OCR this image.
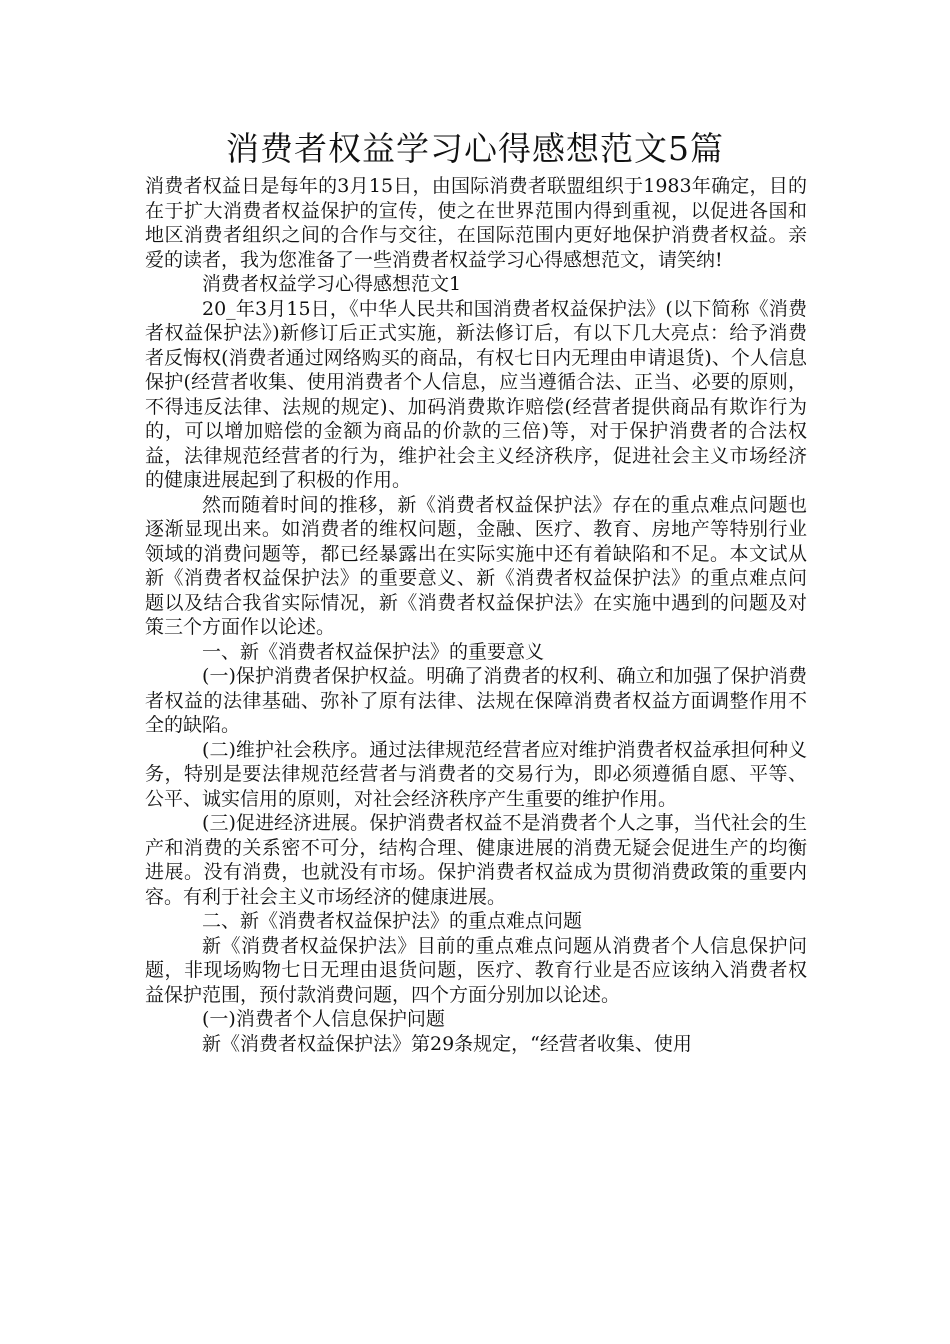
消费者权益学习心得感想范文5篇

消费者权益日是每年的3月15日，由国际消费者联盟组织于1983年确定，目的在于扩大消费者权益保护的宣传，使之在世界范围内得到重视，以促进各国和地区消费者组织之间的合作与交往，在国际范围内更好地保护消费者权益。亲爱的读者，我为您准备了一些消费者权益学习心得感想范文，请笑纳!

消费者权益学习心得感想范文1

20_年3月15日，《中华人民共和国消费者权益保护法》(以下简称《消费者权益保护法》)新修订后正式实施，新法修订后，有以下几大亮点：给予消费者反悔权(消费者通过网络购买的商品，有权七日内无理由申请退货)、个人信息保护(经营者收集、使用消费者个人信息，应当遵循合法、正当、必要的原则，不得违反法律、法规的规定)、加码消费欺诈赔偿(经营者提供商品有欺诈行为的，可以增加赔偿的金额为商品的价款的三倍)等，对于保护消费者的合法权益，法律规范经营者的行为，维护社会主义经济秩序，促进社会主义市场经济的健康进展起到了积极的作用。

然而随着时间的推移，新《消费者权益保护法》存在的重点难点问题也逐渐显现出来。如消费者的维权问题，金融、医疗、教育、房地产等特别行业领域的消费问题等，都已经暴露出在实际实施中还有着缺陷和不足。本文试从新《消费者权益保护法》的重要意义、新《消费者权益保护法》的重点难点问题以及结合我省实际情况，新《消费者权益保护法》在实施中遇到的问题及对策三个方面作以论述。

一、新《消费者权益保护法》的重要意义

(一)保护消费者保护权益。明确了消费者的权利、确立和加强了保护消费者权益的法律基础、弥补了原有法律、法规在保障消费者权益方面调整作用不全的缺陷。

(二)维护社会秩序。通过法律规范经营者应对维护消费者权益承担何种义务，特别是要法律规范经营者与消费者的交易行为，即必须遵循自愿、平等、公平、诚实信用的原则，对社会经济秩序产生重要的维护作用。

(三)促进经济进展。保护消费者权益不是消费者个人之事，当代社会的生产和消费的关系密不可分，结构合理、健康进展的消费无疑会促进生产的均衡进展。没有消费，也就没有市场。保护消费者权益成为贯彻消费政策的重要内容。有利于社会主义市场经济的健康进展。

二、新《消费者权益保护法》的重点难点问题

新《消费者权益保护法》目前的重点难点问题从消费者个人信息保护问题，非现场购物七日无理由退货问题，医疗、教育行业是否应该纳入消费者权益保护范围，预付款消费问题，四个方面分别加以论述。

(一)消费者个人信息保护问题

新《消费者权益保护法》第29条规定，“经营者收集、使用
